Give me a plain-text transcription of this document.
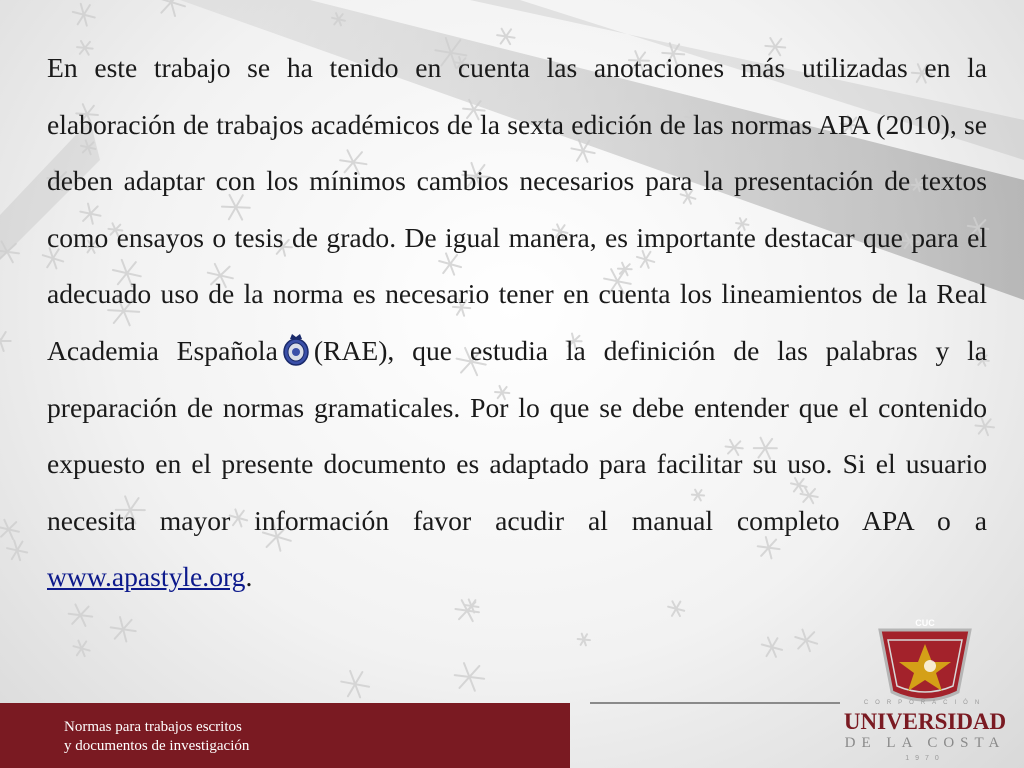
En este trabajo se ha tenido en cuenta las anotaciones más utilizadas en la elaboración de trabajos académicos de la sexta edición de las normas APA (2010), se deben adaptar con los mínimos cambios necesarios para la presentación de textos como ensayos o tesis de grado. De igual manera, es importante destacar que para el adecuado uso de la norma es necesario tener en cuenta los lineamientos de la Real Academia Española (RAE), que estudia la definición de las palabras y la preparación de normas gramaticales. Por lo que se debe entender que el contenido expuesto en el presente documento es adaptado para facilitar su uso. Si el usuario necesita mayor información favor acudir al manual completo APA o a www.apastyle.org.

Normas para trabajos escritos
y documentos de investigación
CUC
CORPORACIÓN
UNIVERSIDAD
DE LA COSTA
1970
